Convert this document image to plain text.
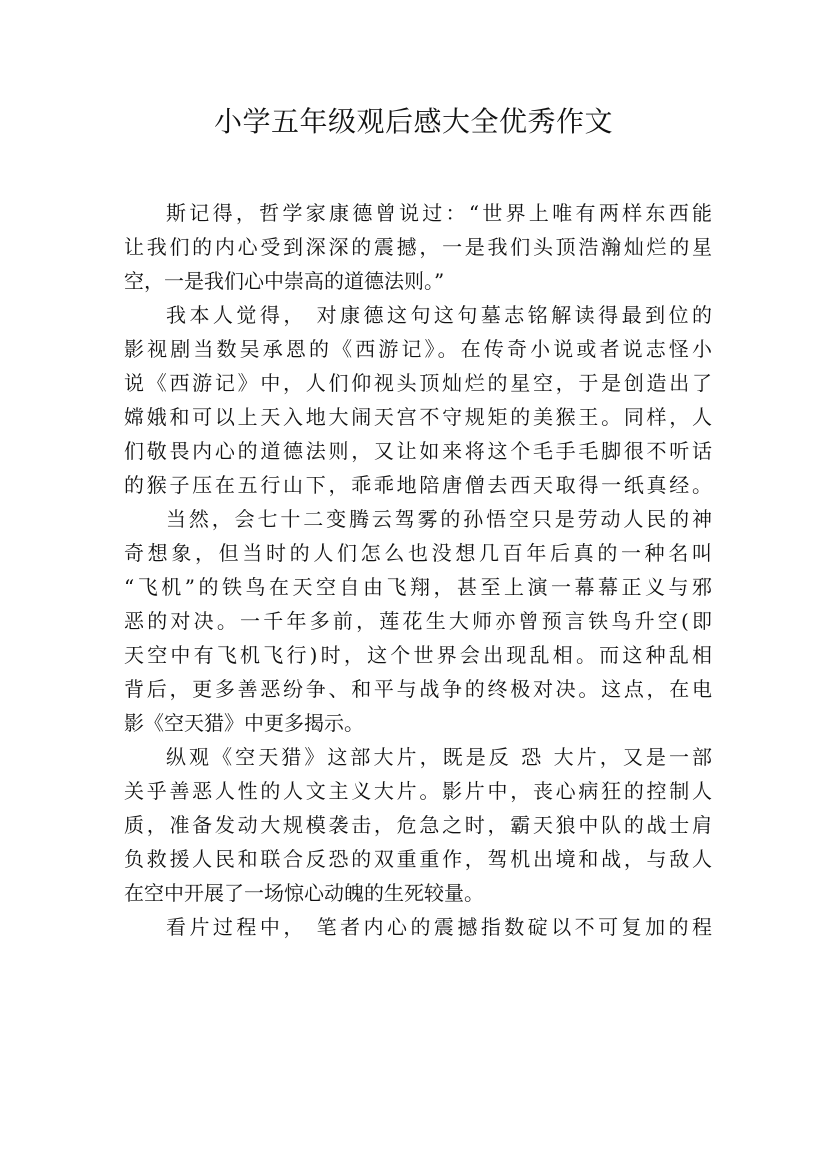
小学五年级观后感大全优秀作文
斯记得，哲学家康德曾说过：“世界上唯有两样东西能
让我们的内心受到深深的震撼，一是我们头顶浩瀚灿烂的星
空，一是我们心中崇高的道德法则。”
我本人觉得， 对康德这句这句墓志铭解读得最到位的
影视剧当数吴承恩的《西游记》。在传奇小说或者说志怪小
说《西游记》中，人们仰视头顶灿烂的星空，于是创造出了
嫦娥和可以上天入地大闹天宫不守规矩的美猴王。同样，人
们敬畏内心的道德法则，又让如来将这个毛手毛脚很不听话
的猴子压在五行山下，乖乖地陪唐僧去西天取得一纸真经。
当然，会七十二变腾云驾雾的孙悟空只是劳动人民的神
奇想象，但当时的人们怎么也没想几百年后真的一种名叫
“飞机”的铁鸟在天空自由飞翔，甚至上演一幕幕正义与邪
恶的对决。一千年多前，莲花生大师亦曾预言铁鸟升空(即
天空中有飞机飞行)时，这个世界会出现乱相。而这种乱相
背后，更多善恶纷争、和平与战争的终极对决。这点，在电
影《空天猎》中更多揭示。
纵观《空天猎》这部大片，既是反 恐 大片，又是一部
关乎善恶人性的人文主义大片。影片中，丧心病狂的控制人
质，准备发动大规模袭击，危急之时，霸天狼中队的战士肩
负救援人民和联合反恐的双重重作，驾机出境和战，与敌人
在空中开展了一场惊心动魄的生死较量。
看片过程中， 笔者内心的震撼指数碇以不可复加的程
